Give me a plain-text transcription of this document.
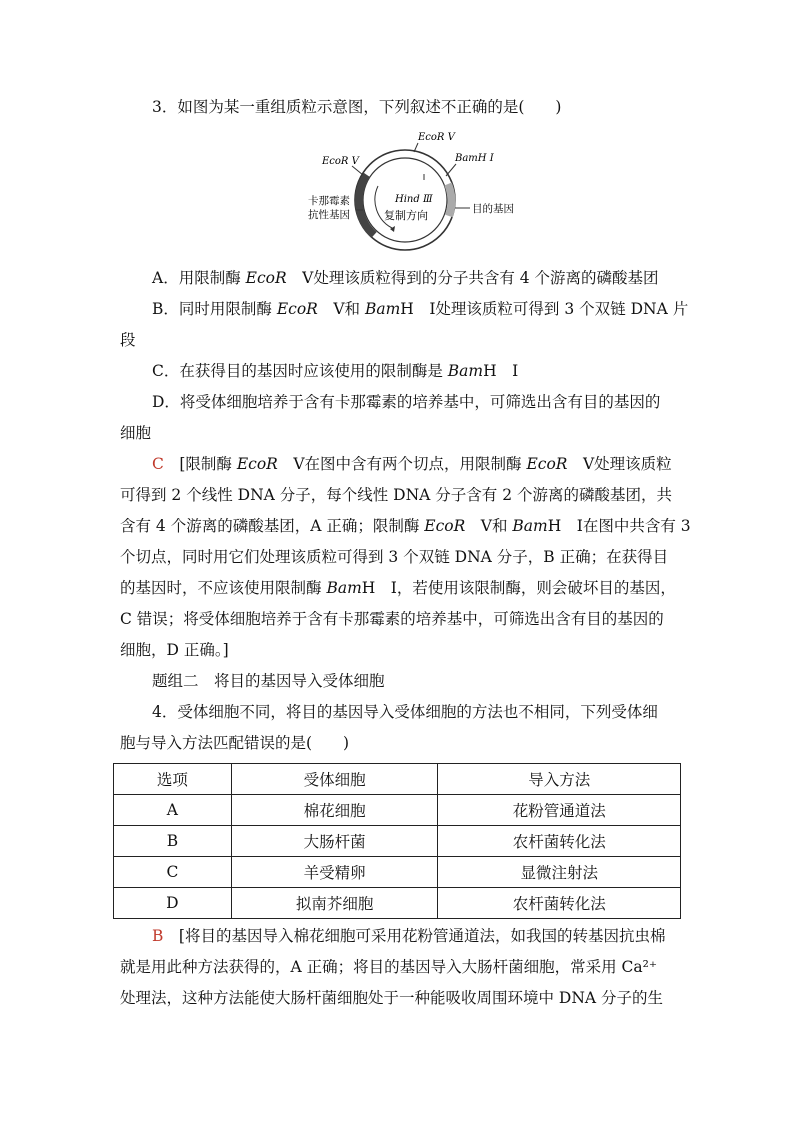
3．如图为某一重组质粒示意图，下列叙述不正确的是(　　)
EcoR Ⅴ
EcoR Ⅴ	BamH Ⅰ
Hind Ⅲ
复制方向
卡那霉素
抗性基因	目的基因
A．用限制酶 EcoR　Ⅴ处理该质粒得到的分子共含有 4 个游离的磷酸基团
B．同时用限制酶 EcoR　Ⅴ和 BamH　Ⅰ处理该质粒可得到 3 个双链 DNA 片
段
C．在获得目的基因时应该使用的限制酶是 BamH　Ⅰ
D．将受体细胞培养于含有卡那霉素的培养基中，可筛选出含有目的基因的
细胞
C　[限制酶 EcoR　Ⅴ在图中含有两个切点，用限制酶 EcoR　Ⅴ处理该质粒
可得到 2 个线性 DNA 分子，每个线性 DNA 分子含有 2 个游离的磷酸基团，共
含有 4 个游离的磷酸基团，A 正确；限制酶 EcoR　Ⅴ和 BamH　Ⅰ在图中共含有 3
个切点，同时用它们处理该质粒可得到 3 个双链 DNA 分子，B 正确；在获得目
的基因时，不应该使用限制酶 BamH　Ⅰ，若使用该限制酶，则会破坏目的基因，
C 错误；将受体细胞培养于含有卡那霉素的培养基中，可筛选出含有目的基因的
细胞，D 正确。]
题组二　将目的基因导入受体细胞
4．受体细胞不同，将目的基因导入受体细胞的方法也不相同，下列受体细
胞与导入方法匹配错误的是(　　)
选项	受体细胞	导入方法
A	棉花细胞	花粉管通道法
B	大肠杆菌	农杆菌转化法
C	羊受精卵	显微注射法
D	拟南芥细胞	农杆菌转化法
B　[将目的基因导入棉花细胞可采用花粉管通道法，如我国的转基因抗虫棉
就是用此种方法获得的，A 正确；将目的基因导入大肠杆菌细胞，常采用 Ca²⁺
处理法，这种方法能使大肠杆菌细胞处于一种能吸收周围环境中 DNA 分子的生
